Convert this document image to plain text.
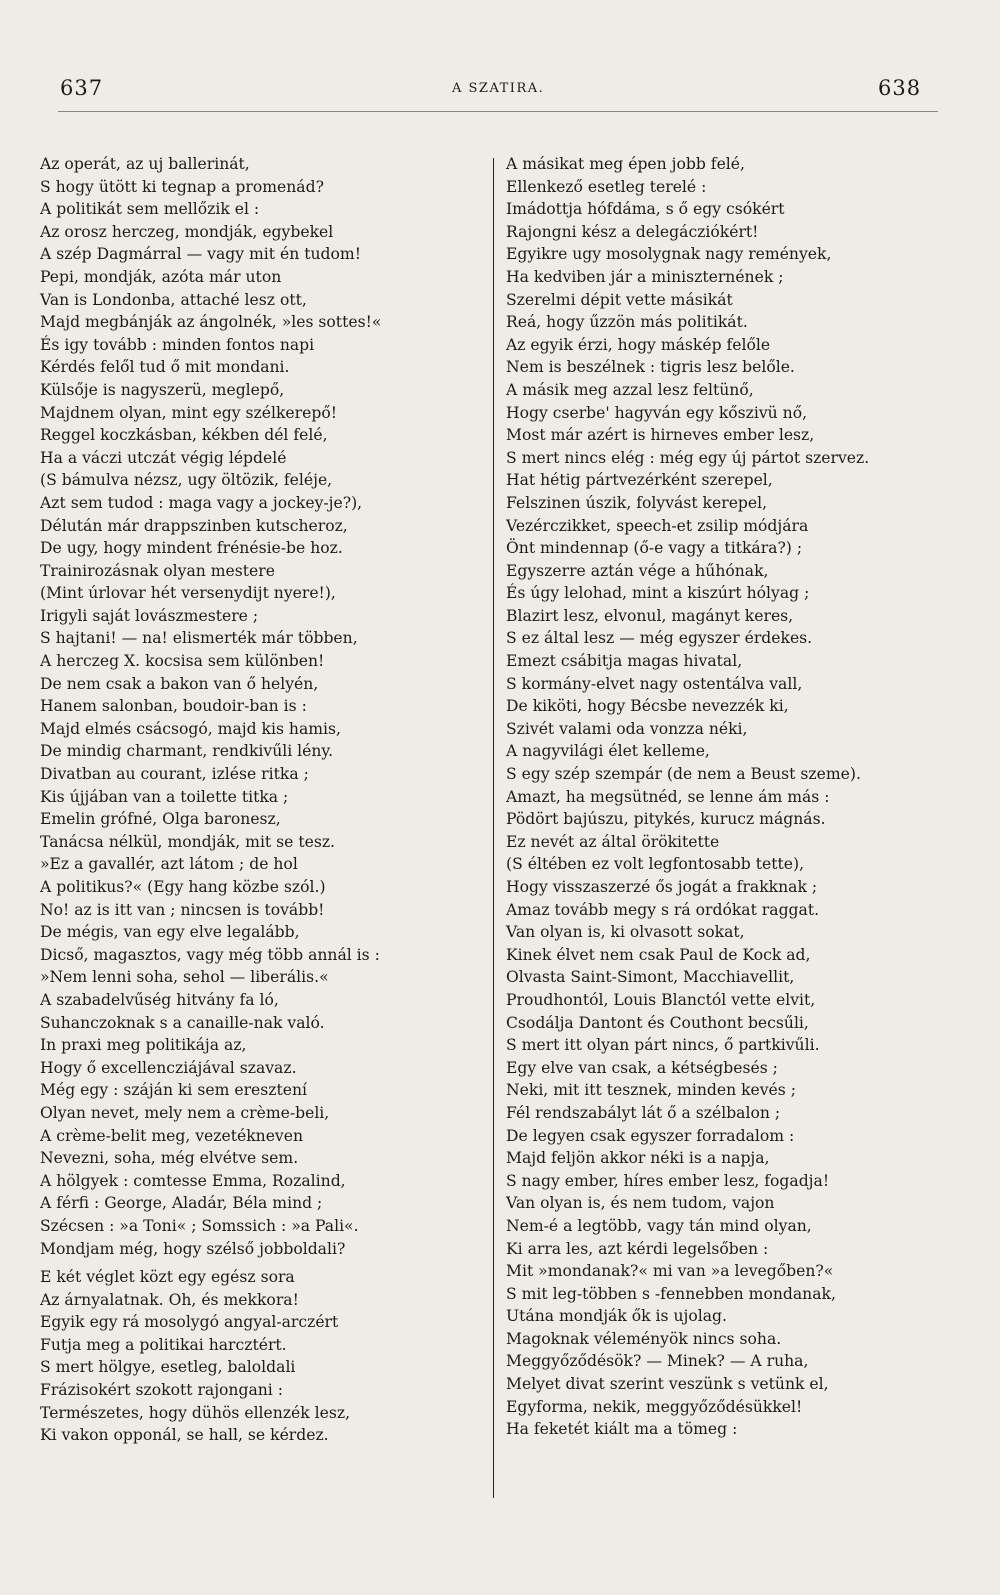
637	A SZATIRA.	638
Az operát, az uj ballerinát,
S hogy ütött ki tegnap a promenád?
A politikát sem mellőzik el :
Az orosz herczeg, mondják, egybekel
A szép Dagmárral — vagy mit én tudom!
Pepi, mondják, azóta már uton
Van is Londonba, attaché lesz ott,
Majd megbánják az ángolnék, »les sottes!«
És igy tovább : minden fontos napi
Kérdés felől tud ő mit mondani.
Külsője is nagyszerü, meglepő,
Majdnem olyan, mint egy szélkerepő!
Reggel koczkásban, kékben dél felé,
Ha a váczi utczát végig lépdelé
(S bámulva nézsz, ugy öltözik, feléje,
Azt sem tudod : maga vagy a jockey-je?),
Délután már drappszinben kutscheroz,
De ugy, hogy mindent frénésie-be hoz.
Trainirozásnak olyan mestere
(Mint úrlovar hét versenydijt nyere!),
Irigyli saját lovászmestere ;
S hajtani! — na! elismerték már többen,
A herczeg X. kocsisa sem különben!
De nem csak a bakon van ő helyén,
Hanem salonban, boudoir-ban is :
Majd elmés csácsogó, majd kis hamis,
De mindig charmant, rendkivűli lény.
Divatban au courant, izlése ritka ;
Kis újjában van a toilette titka ;
Emelin grófné, Olga baronesz,
Tanácsa nélkül, mondják, mit se tesz.
»Ez a gavallér, azt látom ; de hol
A politikus?« (Egy hang közbe szól.)
No! az is itt van ; nincsen is tovább!
De mégis, van egy elve legalább,
Dicső, magasztos, vagy még több annál is :
»Nem lenni soha, sehol — liberális.«
A szabadelvűség hitvány fa ló,
Suhanczoknak s a canaille-nak való.
In praxi meg politikája az,
Hogy ő excellencziájával szavaz.
Még egy : száján ki sem eresztení
Olyan nevet, mely nem a crème-beli,
A crème-belit meg, vezetékneven
Nevezni, soha, még elvétve sem.
A hölgyek : comtesse Emma, Rozalind,
A férfi : George, Aladár, Béla mind ;
Szécsen : »a Toni« ; Somssich : »a Pali«.
Mondjam még, hogy szélső jobboldali?
E két véglet közt egy egész sora
Az árnyalatnak. Oh, és mekkora!
Egyik egy rá mosolygó angyal-arczért
Futja meg a politikai harcztért.
S mert hölgye, esetleg, baloldali
Frázisokért szokott rajongani :
Természetes, hogy dühös ellenzék lesz,
Ki vakon opponál, se hall, se kérdez.
A másikat meg épen jobb felé,
Ellenkező esetleg terelé :
Imádottja hófdáma, s ő egy csókért
Rajongni kész a delegácziókért!
Egyikre ugy mosolygnak nagy remények,
Ha kedviben jár a miniszternének ;
Szerelmi dépit vette másikát
Reá, hogy űzzön más politikát.
Az egyik érzi, hogy máskép felőle
Nem is beszélnek : tigris lesz belőle.
A másik meg azzal lesz feltünő,
Hogy cserbe' hagyván egy kőszivü nő,
Most már azért is hirneves ember lesz,
S mert nincs elég : még egy új pártot szervez.
Hat hétig pártvezérként szerepel,
Felszinen úszik, folyvást kerepel,
Vezérczikket, speech-et zsilip módjára
Önt mindennap (ő-e vagy a titkára?) ;
Egyszerre aztán vége a hűhónak,
És úgy lelohad, mint a kiszúrt hólyag ;
Blazirt lesz, elvonul, magányt keres,
S ez által lesz — még egyszer érdekes.
Emezt csábitja magas hivatal,
S kormány-elvet nagy ostentálva vall,
De kiköti, hogy Bécsbe nevezzék ki,
Szivét valami oda vonzza néki,
A nagyvilági élet kelleme,
S egy szép szempár (de nem a Beust szeme).
Amazt, ha megsütnéd, se lenne ám más :
Pödört bajúszu, pitykés, kurucz mágnás.
Ez nevét az által örökitette
(S éltében ez volt legfontosabb tette),
Hogy visszaszerzé ős jogát a frakknak ;
Amaz tovább megy s rá ordókat raggat.
Van olyan is, ki olvasott sokat,
Kinek élvet nem csak Paul de Kock ad,
Olvasta Saint-Simont, Macchiavellit,
Proudhontól, Louis Blanctól vette elvit,
Csodálja Dantont és Couthont becsűli,
S mert itt olyan párt nincs, ő partkivűli.
Egy elve van csak, a kétségbesés ;
Neki, mit itt tesznek, minden kevés ;
Fél rendszabályt lát ő a szélbalon ;
De legyen csak egyszer forradalom :
Majd feljön akkor néki is a napja,
S nagy ember, híres ember lesz, fogadja!
Van olyan is, és nem tudom, vajon
Nem-é a legtöbb, vagy tán mind olyan,
Ki arra les, azt kérdi legelsőben :
Mit »mondanak?« mi van »a levegőben?«
S mit leg-többen s -fennebben mondanak,
Utána mondják ők is ujolag.
Magoknak véleményök nincs soha.
Meggyőződésök? — Minek? — A ruha,
Melyet divat szerint veszünk s vetünk el,
Egyforma, nekik, meggyőződésükkel!
Ha feketét kiált ma a tömeg :
